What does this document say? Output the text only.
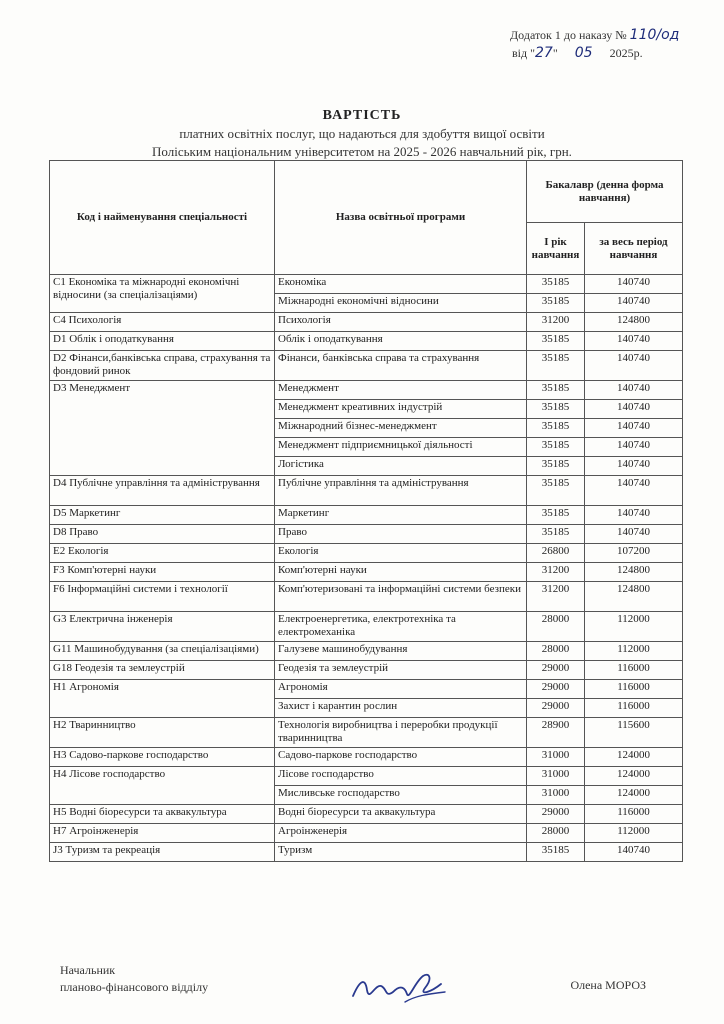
Додаток 1 до наказу № 110/од
від "27" 05 2025р.
ВАРТІСТЬ
платних освітніх послуг, що надаються для здобуття вищої освіти
Поліським національним університетом на 2025 - 2026 навчальний рік, грн.
Код і найменування спеціальності	Назва освітньої програми	Бакалавр (денна форма навчання)	
		I рік навчання	за весь період навчання
C1 Економіка та міжнародні економічні відносини (за спеціалізаціями)	Економіка	35185	140740
	Міжнародні економічні відносини	35185	140740
C4 Психологія	Психологія	31200	124800
D1 Облік і оподаткування	Облік і оподаткування	35185	140740
D2 Фінанси,банківська справа, страхування та фондовий ринок	Фінанси, банківська справа та страхування	35185	140740
D3 Менеджмент	Менеджмент	35185	140740
	Менеджмент креативних індустрій	35185	140740
	Міжнародний бізнес-менеджмент	35185	140740
	Менеджмент підприємницької діяльності	35185	140740
	Логістика	35185	140740
D4 Публічне управління та адміністрування	Публічне управління та адміністрування	35185	140740
D5 Маркетинг	Маркетинг	35185	140740
D8 Право	Право	35185	140740
E2 Екологія	Екологія	26800	107200
F3 Комп'ютерні науки	Комп'ютерні науки	31200	124800
F6 Інформаційні системи і технології	Комп'ютеризовані та інформаційні системи безпеки	31200	124800
G3 Електрична інженерія	Електроенергетика, електротехніка та електромеханіка	28000	112000
G11 Машинобудування (за спеціалізаціями)	Галузеве машинобудування	28000	112000
G18 Геодезія та землеустрій	Геодезія та землеустрій	29000	116000
H1 Агрономія	Агрономія	29000	116000
	Захист і карантин рослин	29000	116000
H2 Тваринництво	Технологія виробництва і переробки продукції тваринництва	28900	115600
H3 Садово-паркове господарство	Садово-паркове господарство	31000	124000
H4 Лісове господарство	Лісове господарство	31000	124000
	Мисливське господарство	31000	124000
H5 Водні біоресурси та аквакультура	Водні біоресурси та аквакультура	29000	116000
H7 Агроінженерія	Агроінженерія	28000	112000
J3 Туризм та рекреація	Туризм	35185	140740
Начальник
планово-фінансового відділу	Олена МОРОЗ
